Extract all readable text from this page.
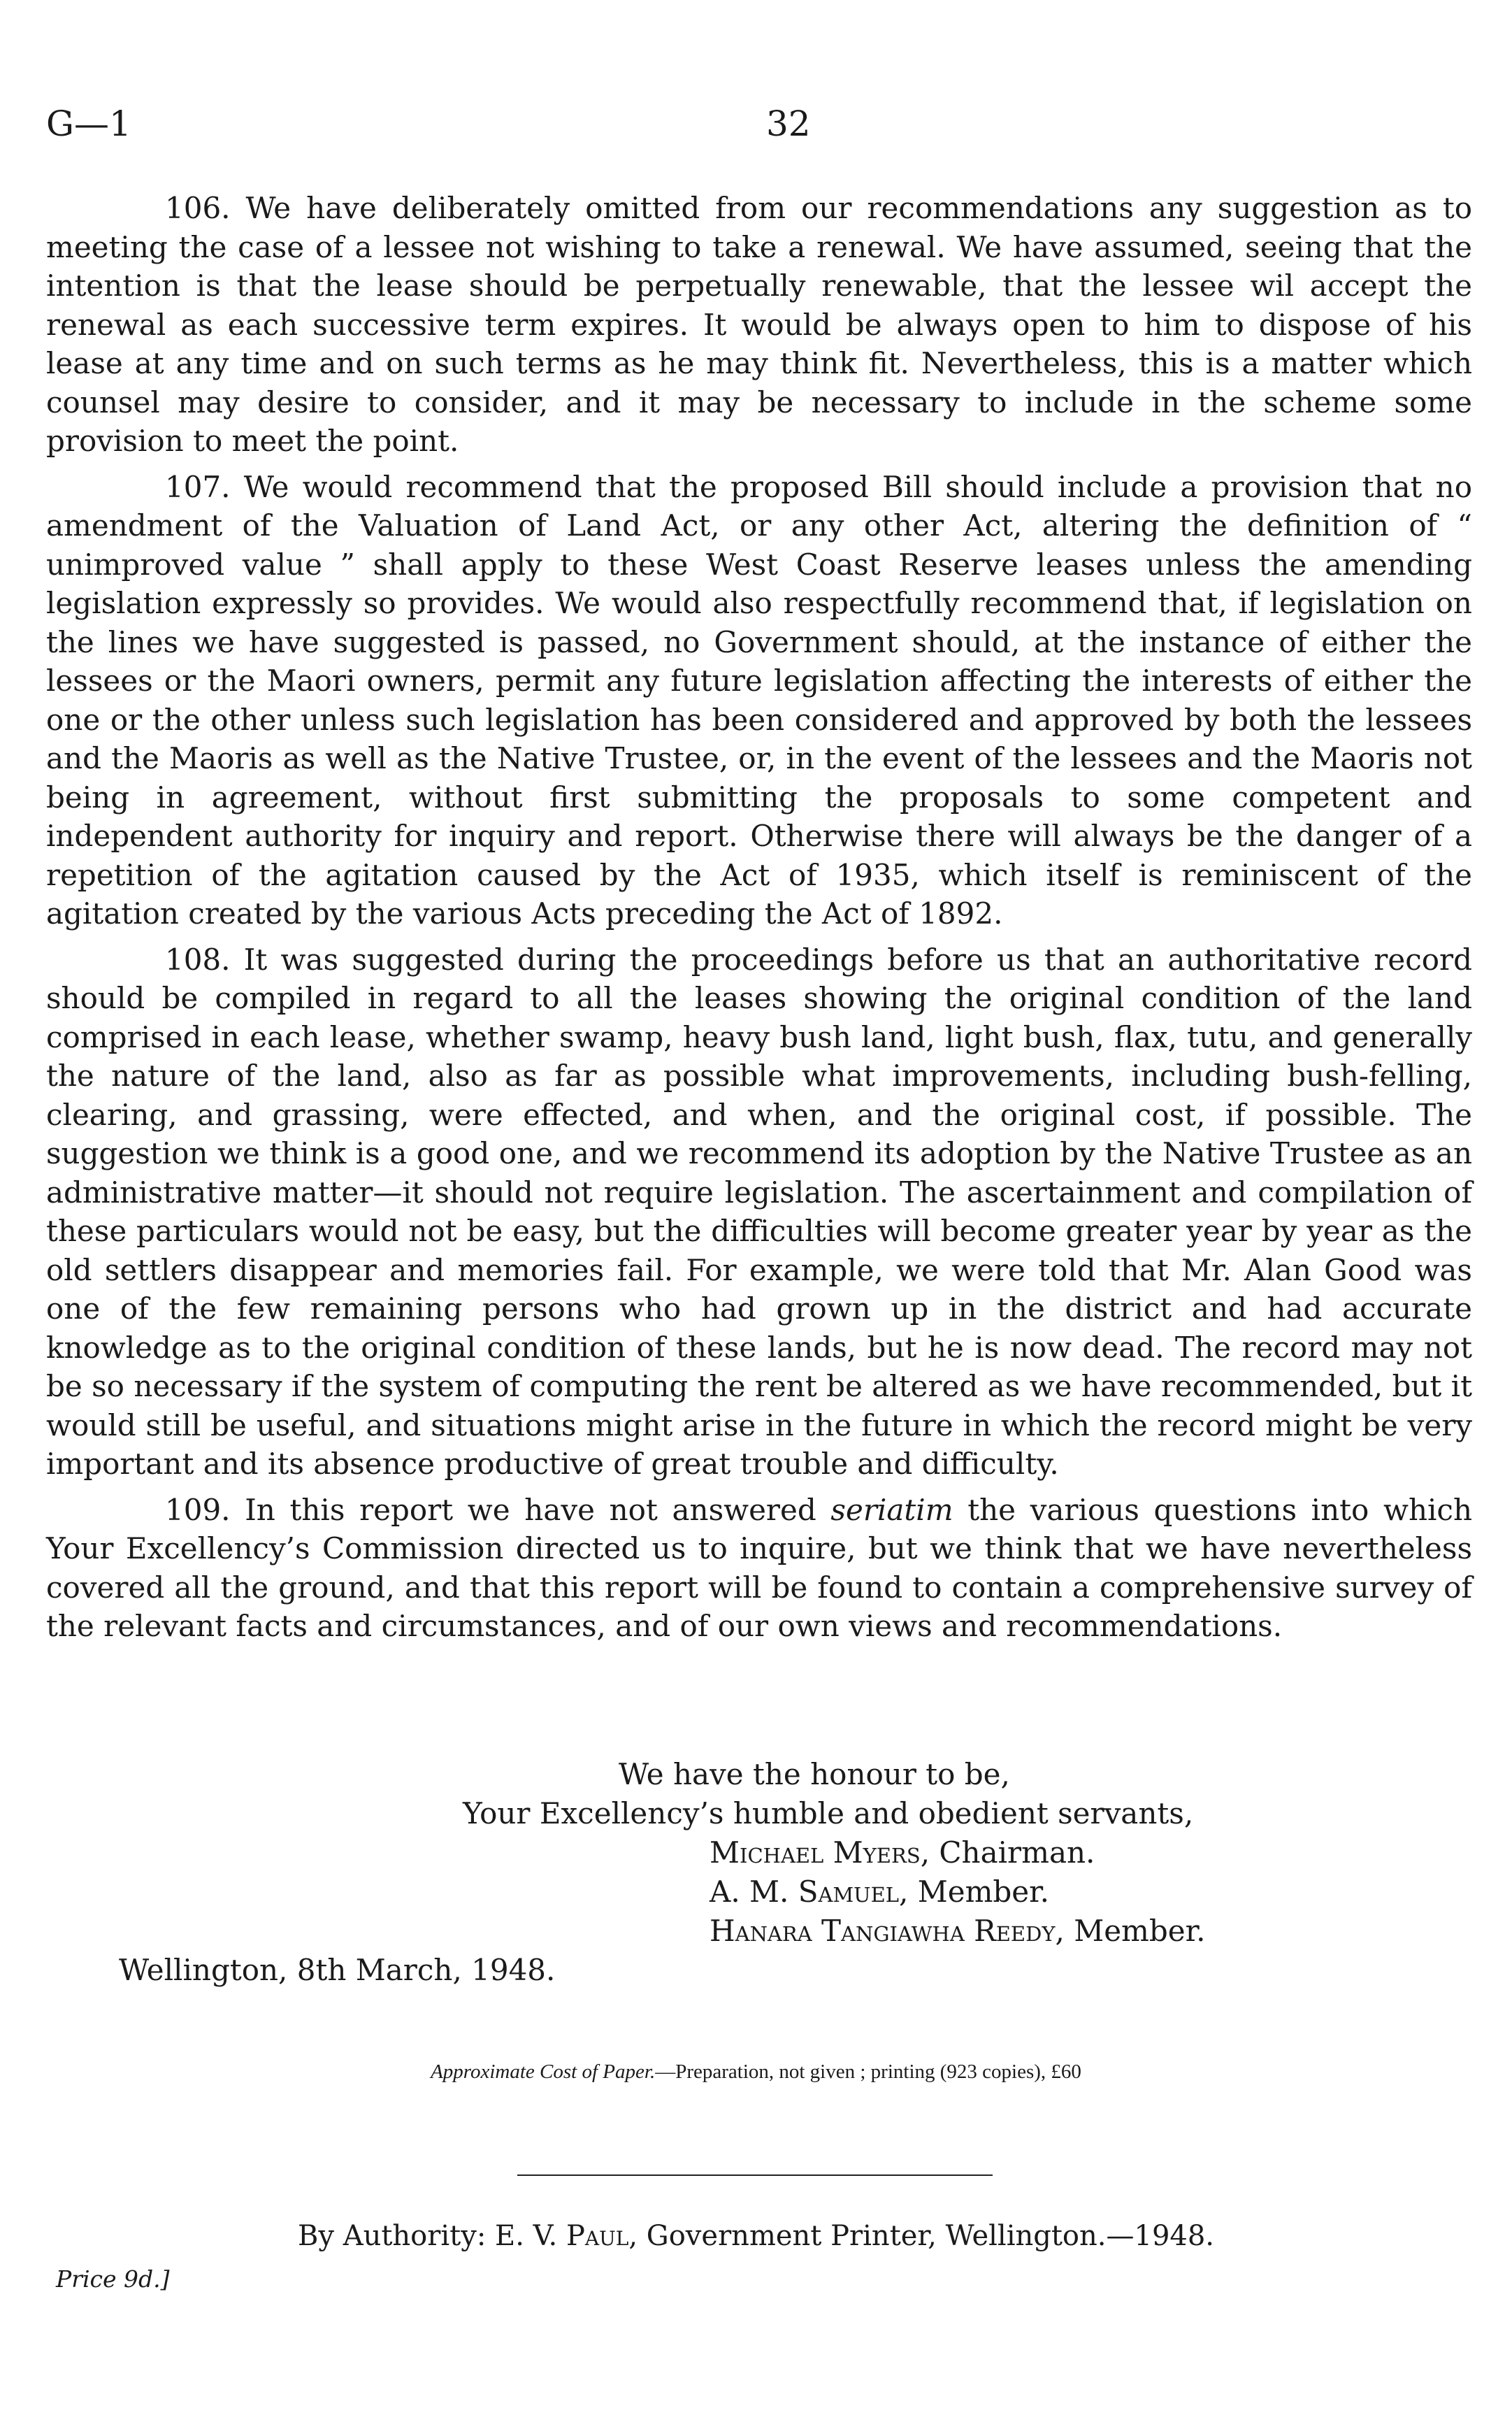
G—1	32

106. We have deliberately omitted from our recommendations any suggestion as to meeting the case of a lessee not wishing to take a renewal. We have assumed, seeing that the intention is that the lease should be perpetually renewable, that the lessee wil accept the renewal as each successive term expires. It would be always open to him to dispose of his lease at any time and on such terms as he may think fit. Nevertheless, this is a matter which counsel may desire to consider, and it may be necessary to include in the scheme some provision to meet the point.

107. We would recommend that the proposed Bill should include a provision that no amendment of the Valuation of Land Act, or any other Act, altering the definition of “ unimproved value ” shall apply to these West Coast Reserve leases unless the amending legislation expressly so provides. We would also respectfully recommend that, if legislation on the lines we have suggested is passed, no Government should, at the instance of either the lessees or the Maori owners, permit any future legislation affecting the interests of either the one or the other unless such legislation has been considered and approved by both the lessees and the Maoris as well as the Native Trustee, or, in the event of the lessees and the Maoris not being in agreement, without first submitting the proposals to some competent and independent authority for inquiry and report. Otherwise there will always be the danger of a repetition of the agitation caused by the Act of 1935, which itself is reminiscent of the agitation created by the various Acts preceding the Act of 1892.

108. It was suggested during the proceedings before us that an authoritative record should be compiled in regard to all the leases showing the original condition of the land comprised in each lease, whether swamp, heavy bush land, light bush, flax, tutu, and generally the nature of the land, also as far as possible what improvements, including bush-felling, clearing, and grassing, were effected, and when, and the original cost, if possible. The suggestion we think is a good one, and we recommend its adoption by the Native Trustee as an administrative matter—it should not require legislation. The ascertainment and compilation of these particulars would not be easy, but the difficulties will become greater year by year as the old settlers disappear and memories fail. For example, we were told that Mr. Alan Good was one of the few remaining persons who had grown up in the district and had accurate knowledge as to the original condition of these lands, but he is now dead. The record may not be so necessary if the system of computing the rent be altered as we have recommended, but it would still be useful, and situations might arise in the future in which the record might be very important and its absence productive of great trouble and difficulty.

109. In this report we have not answered seriatim the various questions into which Your Excellency’s Commission directed us to inquire, but we think that we have nevertheless covered all the ground, and that this report will be found to contain a comprehensive survey of the relevant facts and circumstances, and of our own views and recommendations.

We have the honour to be,
Your Excellency’s humble and obedient servants,
Michael Myers, Chairman.
A. M. Samuel, Member.
Hanara Tangiawha Reedy, Member.
Wellington, 8th March, 1948.
Approximate Cost of Paper.—Preparation, not given ; printing (923 copies), £60
By Authority: E. V. Paul, Government Printer, Wellington.—1948.
Price 9d.]
